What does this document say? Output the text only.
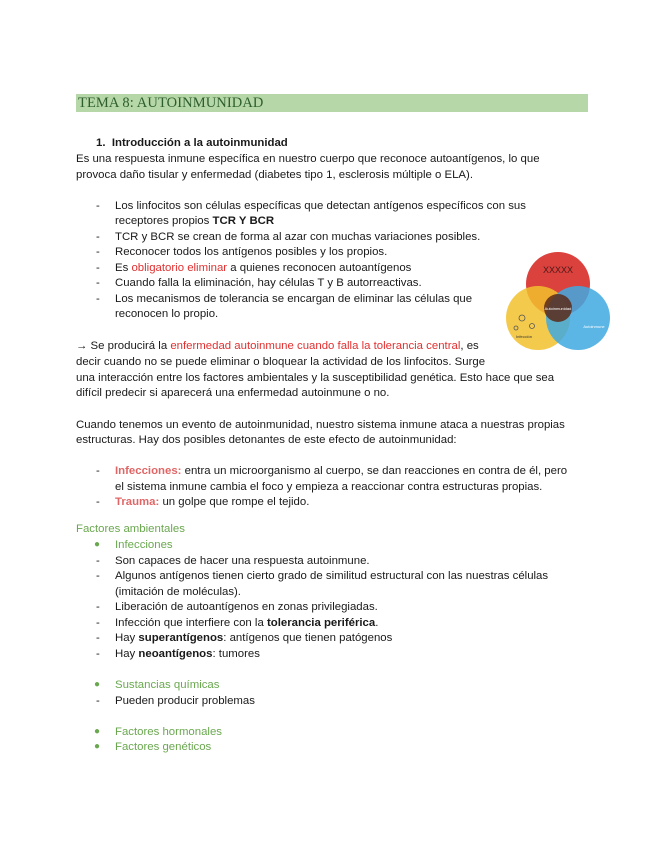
TEMA 8: AUTOINMUNIDAD
1. Introducción a la autoinmunidad
Es una respuesta inmune específica en nuestro cuerpo que reconoce autoantígenos, lo que
provoca daño tisular y enfermedad (diabetes tipo 1, esclerosis múltiple o ELA).
- Los linfocitos son células específicas que detectan antígenos específicos con sus
receptores propios TCR Y BCR
- TCR y BCR se crean de forma al azar con muchas variaciones posibles.
- Reconocer todos los antígenos posibles y los propios.
- Es obligatorio eliminar a quienes reconocen autoantígenos
- Cuando falla la eliminación, hay células T y B autorreactivas.
- Los mecanismos de tolerancia se encargan de eliminar las células que
reconocen lo propio.
XXXXX
Autoinmunidad
Infección
Autoinmune
→ Se producirá la enfermedad autoinmune cuando falla la tolerancia central, es
decir cuando no se puede eliminar o bloquear la actividad de los linfocitos. Surge
una interacción entre los factores ambientales y la susceptibilidad genética. Esto hace que sea
difícil predecir si aparecerá una enfermedad autoinmune o no.
Cuando tenemos un evento de autoinmunidad, nuestro sistema inmune ataca a nuestras propias
estructuras. Hay dos posibles detonantes de este efecto de autoinmunidad:
- Infecciones: entra un microorganismo al cuerpo, se dan reacciones en contra de él, pero
el sistema inmune cambia el foco y empieza a reaccionar contra estructuras propias.
- Trauma: un golpe que rompe el tejido.
Factores ambientales
● Infecciones
- Son capaces de hacer una respuesta autoinmune.
- Algunos antígenos tienen cierto grado de similitud estructural con las nuestras células
(imitación de moléculas).
- Liberación de autoantígenos en zonas privilegiadas.
- Infección que interfiere con la tolerancia periférica.
- Hay superantígenos: antígenos que tienen patógenos
- Hay neoantígenos: tumores
● Sustancias químicas
- Pueden producir problemas
● Factores hormonales
● Factores genéticos
